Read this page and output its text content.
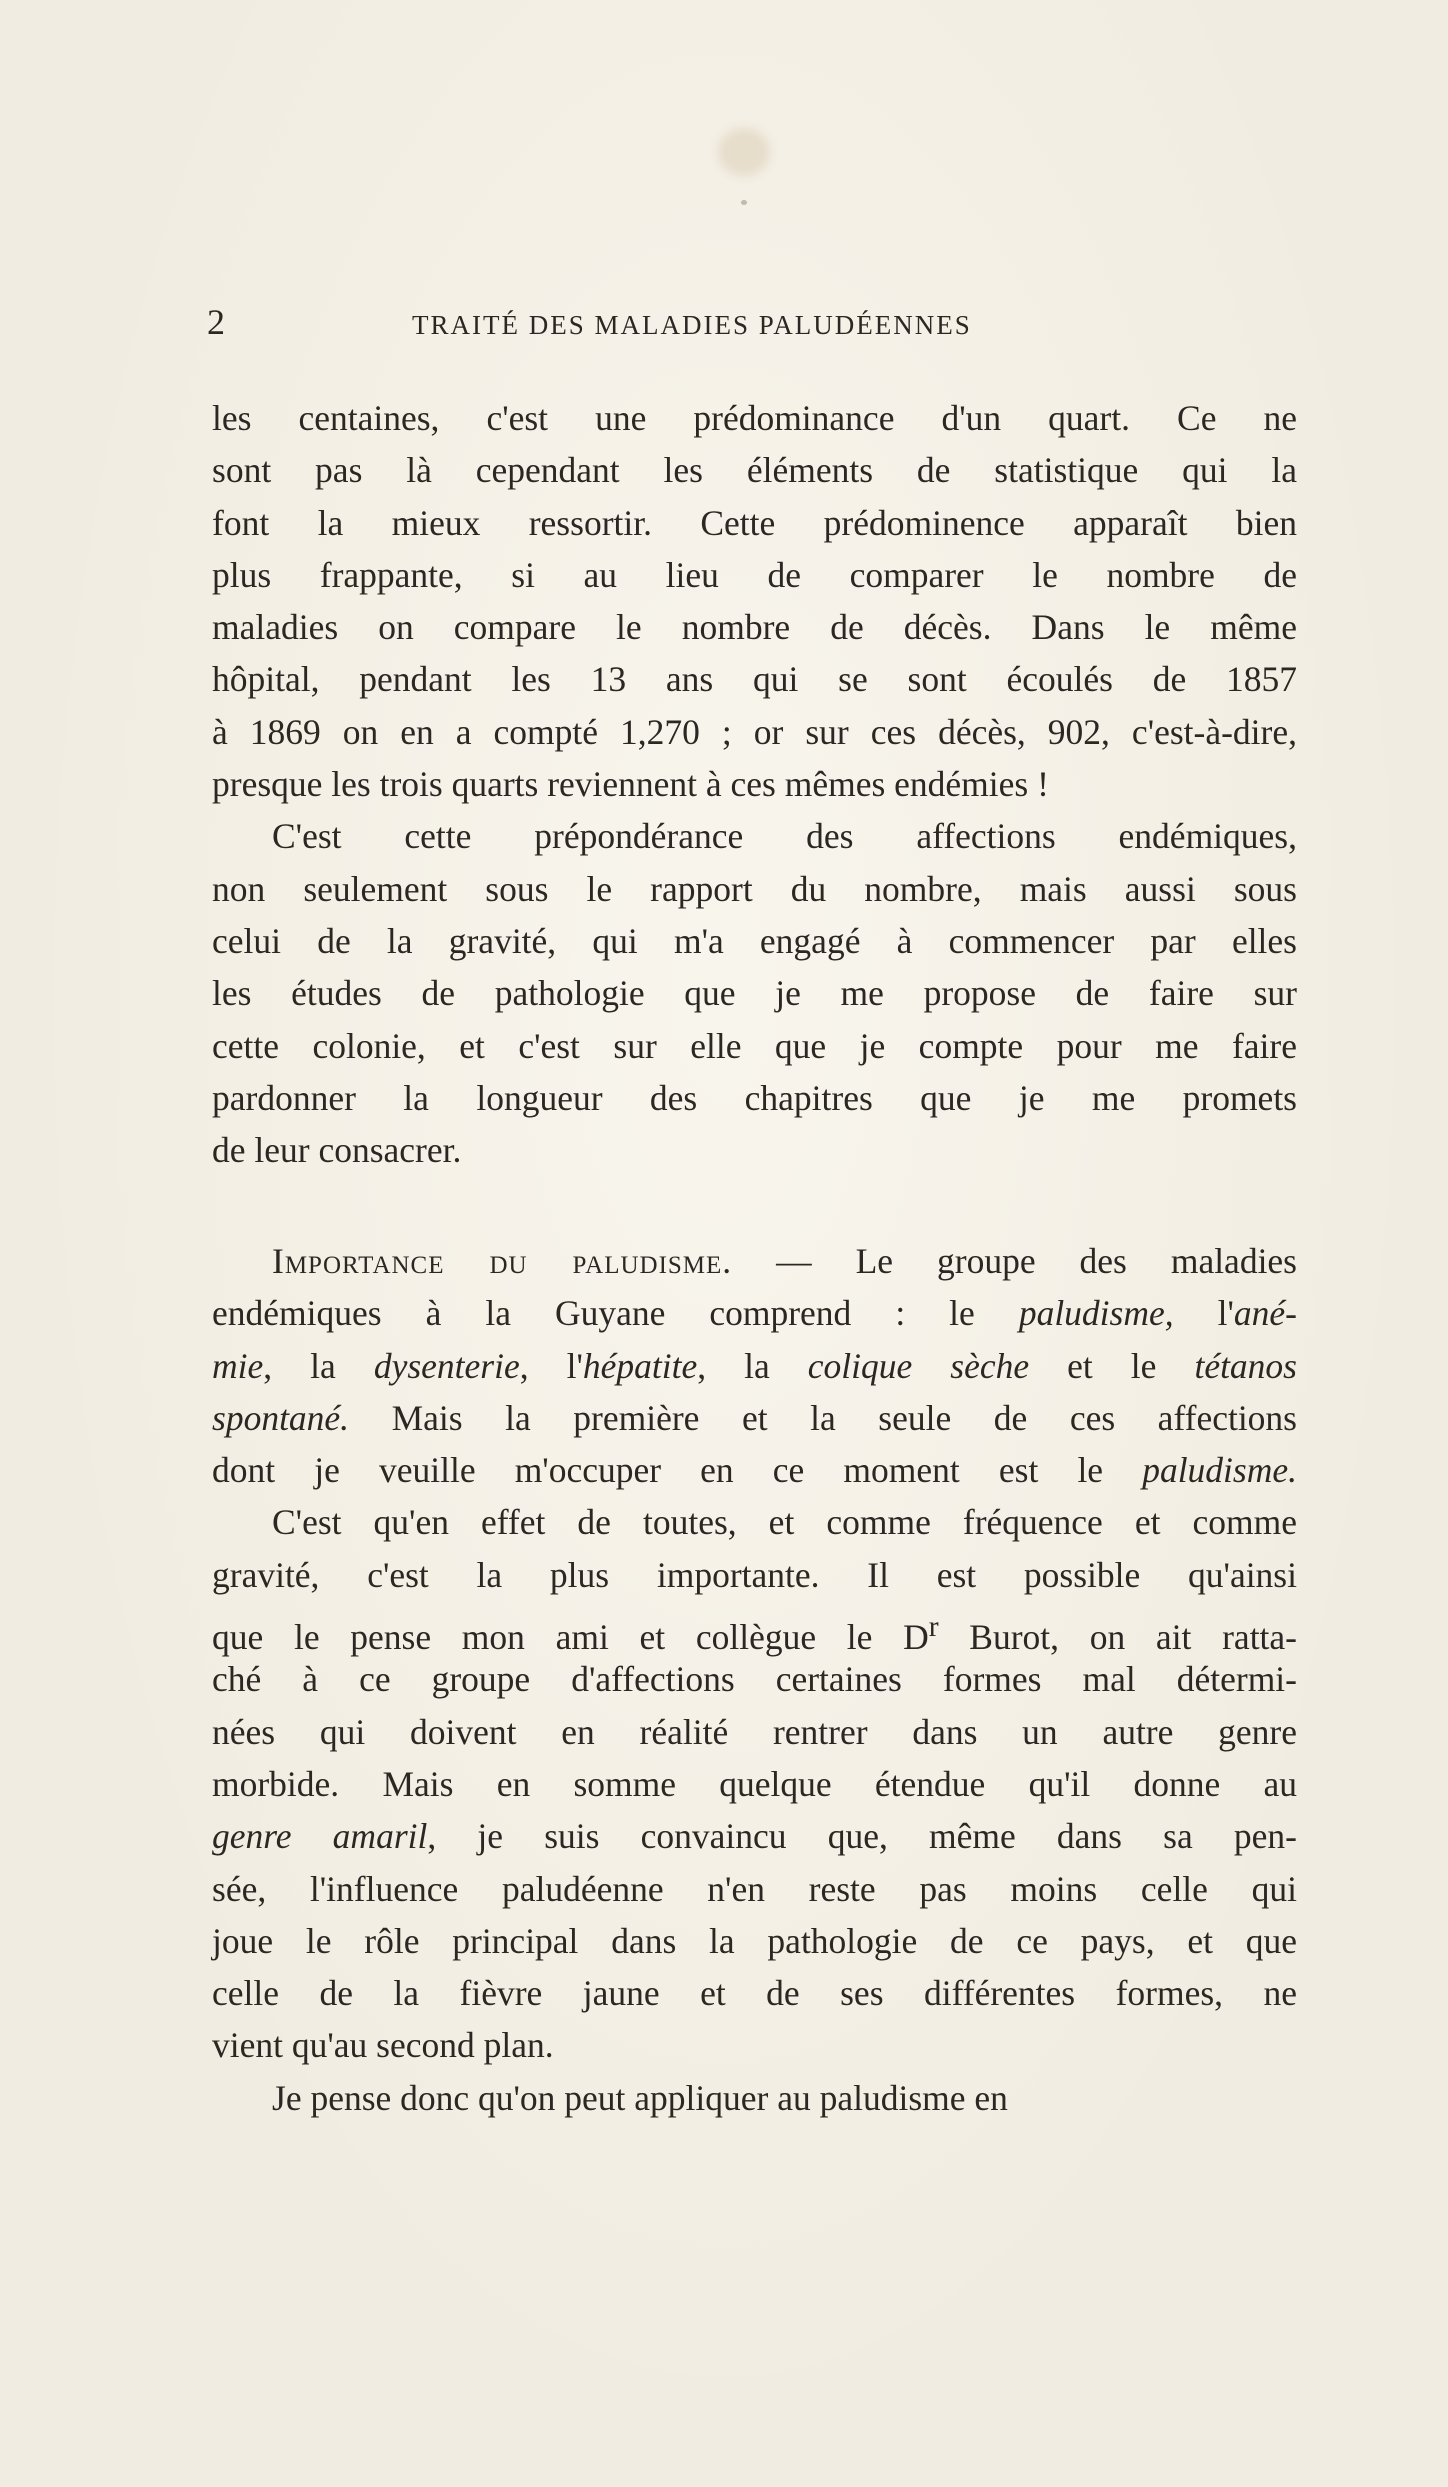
2	TRAITÉ DES MALADIES PALUDÉENNES
les centaines, c'est une prédominance d'un quart. Ce ne
sont pas là cependant les éléments de statistique qui la
font la mieux ressortir. Cette prédominence apparaît bien
plus frappante, si au lieu de comparer le nombre de
maladies on compare le nombre de décès. Dans le même
hôpital, pendant les 13 ans qui se sont écoulés de 1857
à 1869 on en a compté 1,270 ; or sur ces décès, 902, c'est-à-dire,
presque les trois quarts reviennent à ces mêmes endémies !
C'est cette prépondérance des affections endémiques,
non seulement sous le rapport du nombre, mais aussi sous
celui de la gravité, qui m'a engagé à commencer par elles
les études de pathologie que je me propose de faire sur
cette colonie, et c'est sur elle que je compte pour me faire
pardonner la longueur des chapitres que je me promets
de leur consacrer.
Importance du paludisme. — Le groupe des maladies
endémiques à la Guyane comprend : le paludisme, l'ané-
mie, la dysenterie, l'hépatite, la colique sèche et le tétanos
spontané. Mais la première et la seule de ces affections
dont je veuille m'occuper en ce moment est le paludisme.
C'est qu'en effet de toutes, et comme fréquence et comme
gravité, c'est la plus importante. Il est possible qu'ainsi
que le pense mon ami et collègue le $D^r$ Burot, on ait ratta-
ché à ce groupe d'affections certaines formes mal détermi-
nées qui doivent en réalité rentrer dans un autre genre
morbide. Mais en somme quelque étendue qu'il donne au
genre amaril, je suis convaincu que, même dans sa pen-
sée, l'influence paludéenne n'en reste pas moins celle qui
joue le rôle principal dans la pathologie de ce pays, et que
celle de la fièvre jaune et de ses différentes formes, ne
vient qu'au second plan.
Je pense donc qu'on peut appliquer au paludisme en
